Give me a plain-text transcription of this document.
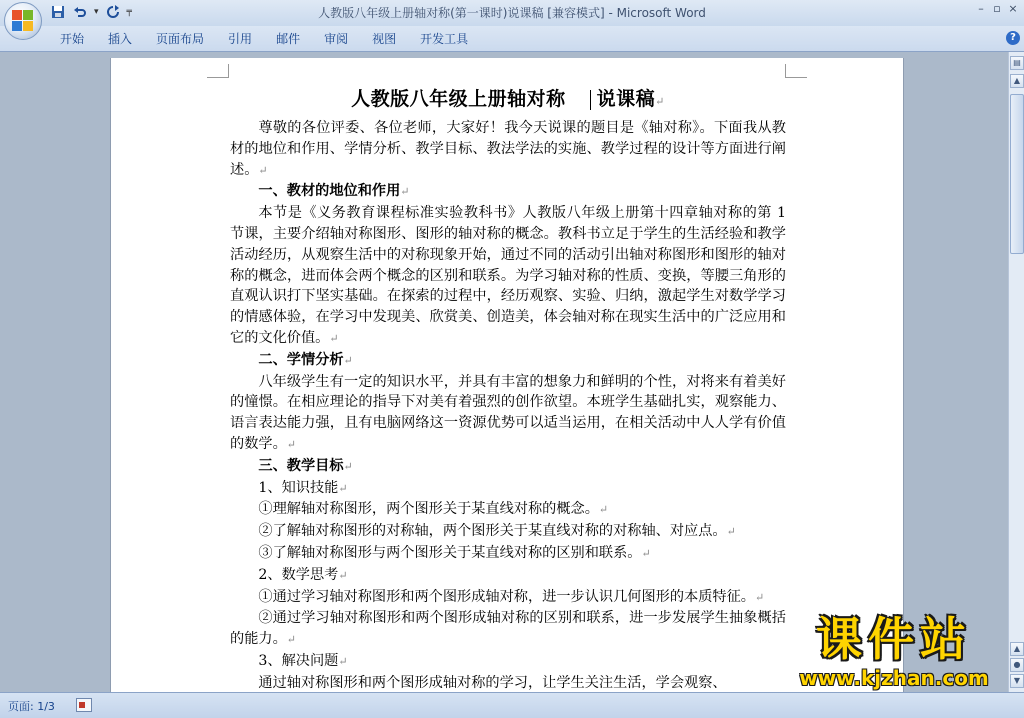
▾	╤	人教版八年级上册轴对称(第一课时)说课稿 [兼容模式] - Microsoft Word	– ▫ ×
开始	插入	页面布局	引用	邮件	审阅	视图	开发工具	?
人教版八年级上册轴对称 说课稿↵
尊敬的各位评委、各位老师，大家好！我今天说课的题目是《轴对称》。下面我从教材的地位和作用、学情分析、教学目标、教法学法的实施、教学过程的设计等方面进行阐述。↵
一、教材的地位和作用↵
本节是《义务教育课程标准实验教科书》人教版八年级上册第十四章轴对称的第 1 节课，主要介绍轴对称图形、图形的轴对称的概念。教科书立足于学生的生活经验和教学活动经历，从观察生活中的对称现象开始，通过不同的活动引出轴对称图形和图形的轴对称的概念，进而体会两个概念的区别和联系。为学习轴对称的性质、变换，等腰三角形的直观认识打下坚实基础。在探索的过程中，经历观察、实验、归纳，激起学生对数学学习的情感体验，在学习中发现美、欣赏美、创造美，体会轴对称在现实生活中的广泛应用和它的文化价值。↵
二、学情分析↵
八年级学生有一定的知识水平，并具有丰富的想象力和鲜明的个性，对将来有着美好的憧憬。在相应理论的指导下对美有着强烈的创作欲望。本班学生基础扎实，观察能力、语言表达能力强，且有电脑网络这一资源优势可以适当运用，在相关活动中人人学有价值的数学。↵
三、教学目标↵
1、知识技能↵
①理解轴对称图形，两个图形关于某直线对称的概念。↵
②了解轴对称图形的对称轴，两个图形关于某直线对称的对称轴、对应点。↵
③了解轴对称图形与两个图形关于某直线对称的区别和联系。↵
2、数学思考↵
①通过学习轴对称图形和两个图形成轴对称，进一步认识几何图形的本质特征。↵
②通过学习轴对称图形和两个图形成轴对称的区别和联系，进一步发展学生抽象概括的能力。↵
3、解决问题↵
通过轴对称图形和两个图形成轴对称的学习，让学生关注生活，学会观察、
▤
▲
▲
●
▼
页面: 1/3
课件站
www.kjzhan.com
